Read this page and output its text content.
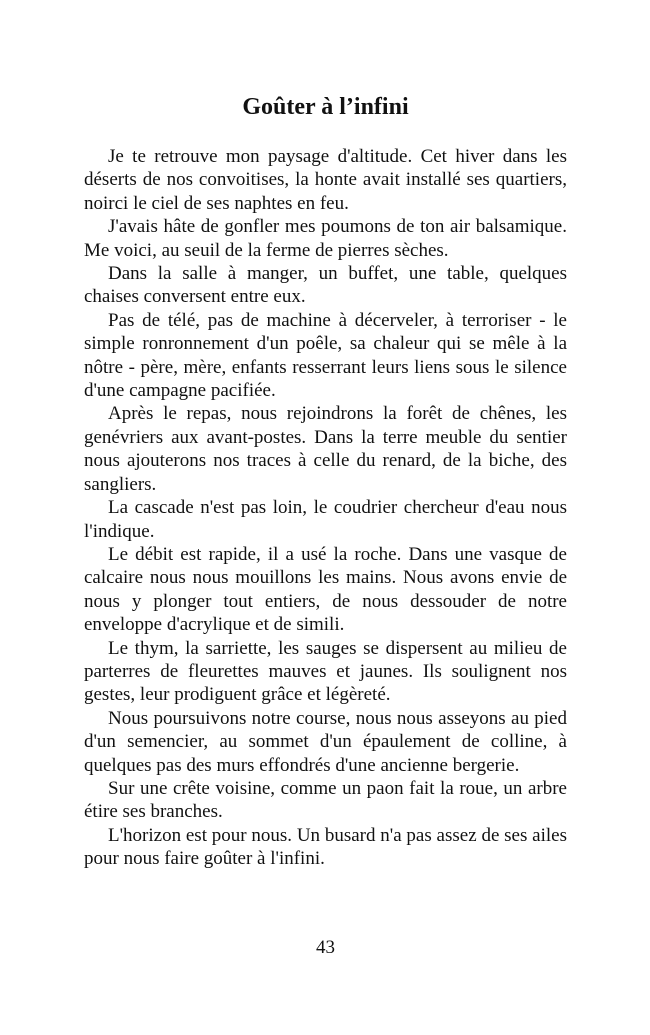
Goûter à l’infini

Je te retrouve mon paysage d'altitude. Cet hiver dans les déserts de nos convoitises, la honte avait installé ses quartiers, noirci le ciel de ses naphtes en feu.

J'avais hâte de gonfler mes poumons de ton air balsamique. Me voici, au seuil de la ferme de pierres sèches.

Dans la salle à manger, un buffet, une table, quelques chaises conversent entre eux.

Pas de télé, pas de machine à décerveler, à terroriser - le simple ronronnement d'un poêle, sa chaleur qui se mêle à la nôtre - père, mère, enfants resserrant leurs liens sous le silence d'une campagne pacifiée.

Après le repas, nous rejoindrons la forêt de chênes, les genévriers aux avant-postes. Dans la terre meuble du sentier nous ajouterons nos traces à celle du renard, de la biche, des sangliers.

La cascade n'est pas loin, le coudrier chercheur d'eau nous l'indique.

Le débit est rapide, il a usé la roche. Dans une vasque de calcaire nous nous mouillons les mains. Nous avons envie de nous y plonger tout entiers, de nous dessouder de notre enveloppe d'acrylique et de simili.

Le thym, la sarriette, les sauges se dispersent au milieu de parterres de fleurettes mauves et jaunes. Ils soulignent nos gestes, leur prodiguent grâce et légèreté.

Nous poursuivons notre course, nous nous asseyons au pied d'un semencier, au sommet d'un épaulement de colline, à quelques pas des murs effondrés d'une ancienne bergerie.

Sur une crête voisine, comme un paon fait la roue, un arbre étire ses branches.

L'horizon est pour nous. Un busard n'a pas assez de ses ailes pour nous faire goûter à l'infini.

43
